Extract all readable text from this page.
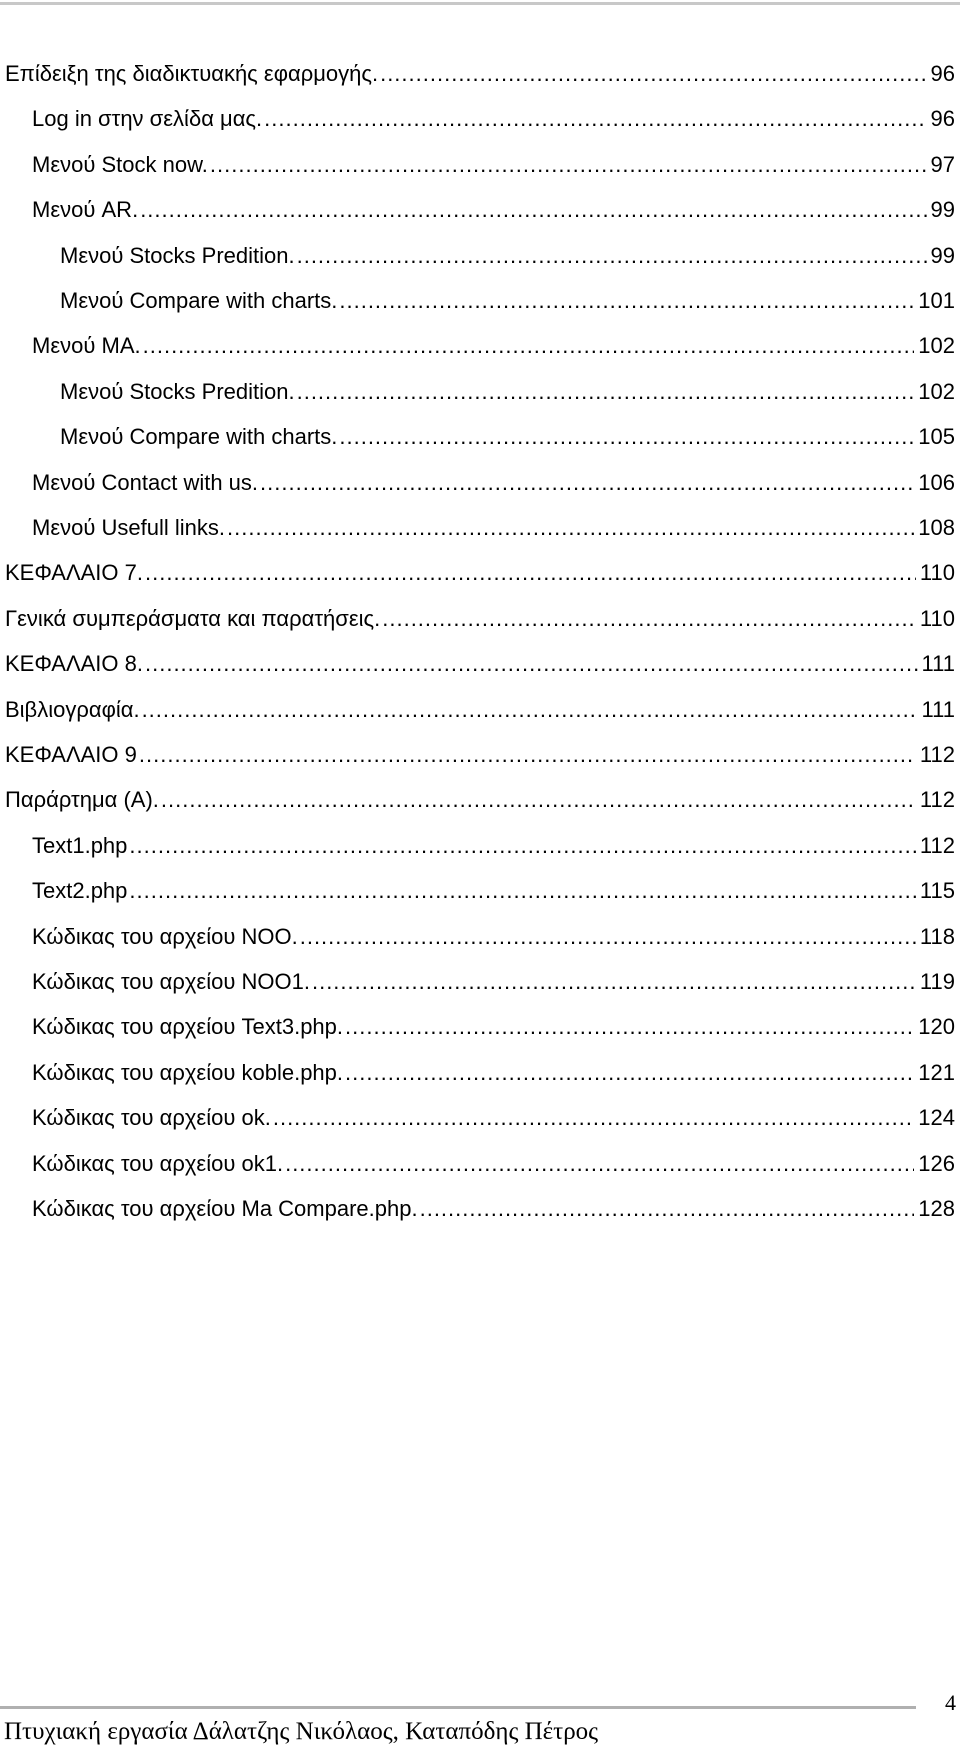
Επίδειξη της διαδικτυακής εφαρμογής. .....	96
Log in στην σελίδα μας. .....	96
Μενού Stock now. .....	97
Μενού AR. .....	99
Μενού Stocks Predition. .....	99
Μενού Compare with charts. .....	101
Μενού MA. .....	102
Μενού Stocks Predition. .....	102
Μενού Compare with charts. .....	105
Μενού Contact with us. .....	106
Μενού Usefull links. .....	108
ΚΕΦΑΛΑΙΟ 7. .....	110
Γενικά συμπεράσματα και παρατήσεις. .....	110
ΚΕΦΑΛΑΙΟ 8. .....	111
Βιβλιογραφία. .....	111
ΚΕΦΑΛΑΙΟ 9 .....	112
Παράρτημα (Α). .....	112
Text1.php .....	112
Text2.php .....	115
Κώδικας του αρχείου NOO. .....	118
Κώδικας του αρχείου NOO1. .....	119
Κώδικας του αρχείου Text3.php. .....	120
Κώδικας του αρχείου koble.php. .....	121
Κώδικας του αρχείου ok. .....	124
Κώδικας του αρχείου ok1. .....	126
Κώδικας του αρχείου Ma Compare.php. .....	128
4
Πτυχιακή εργασία Δάλατζης Νικόλαος, Καταπόδης Πέτρος
